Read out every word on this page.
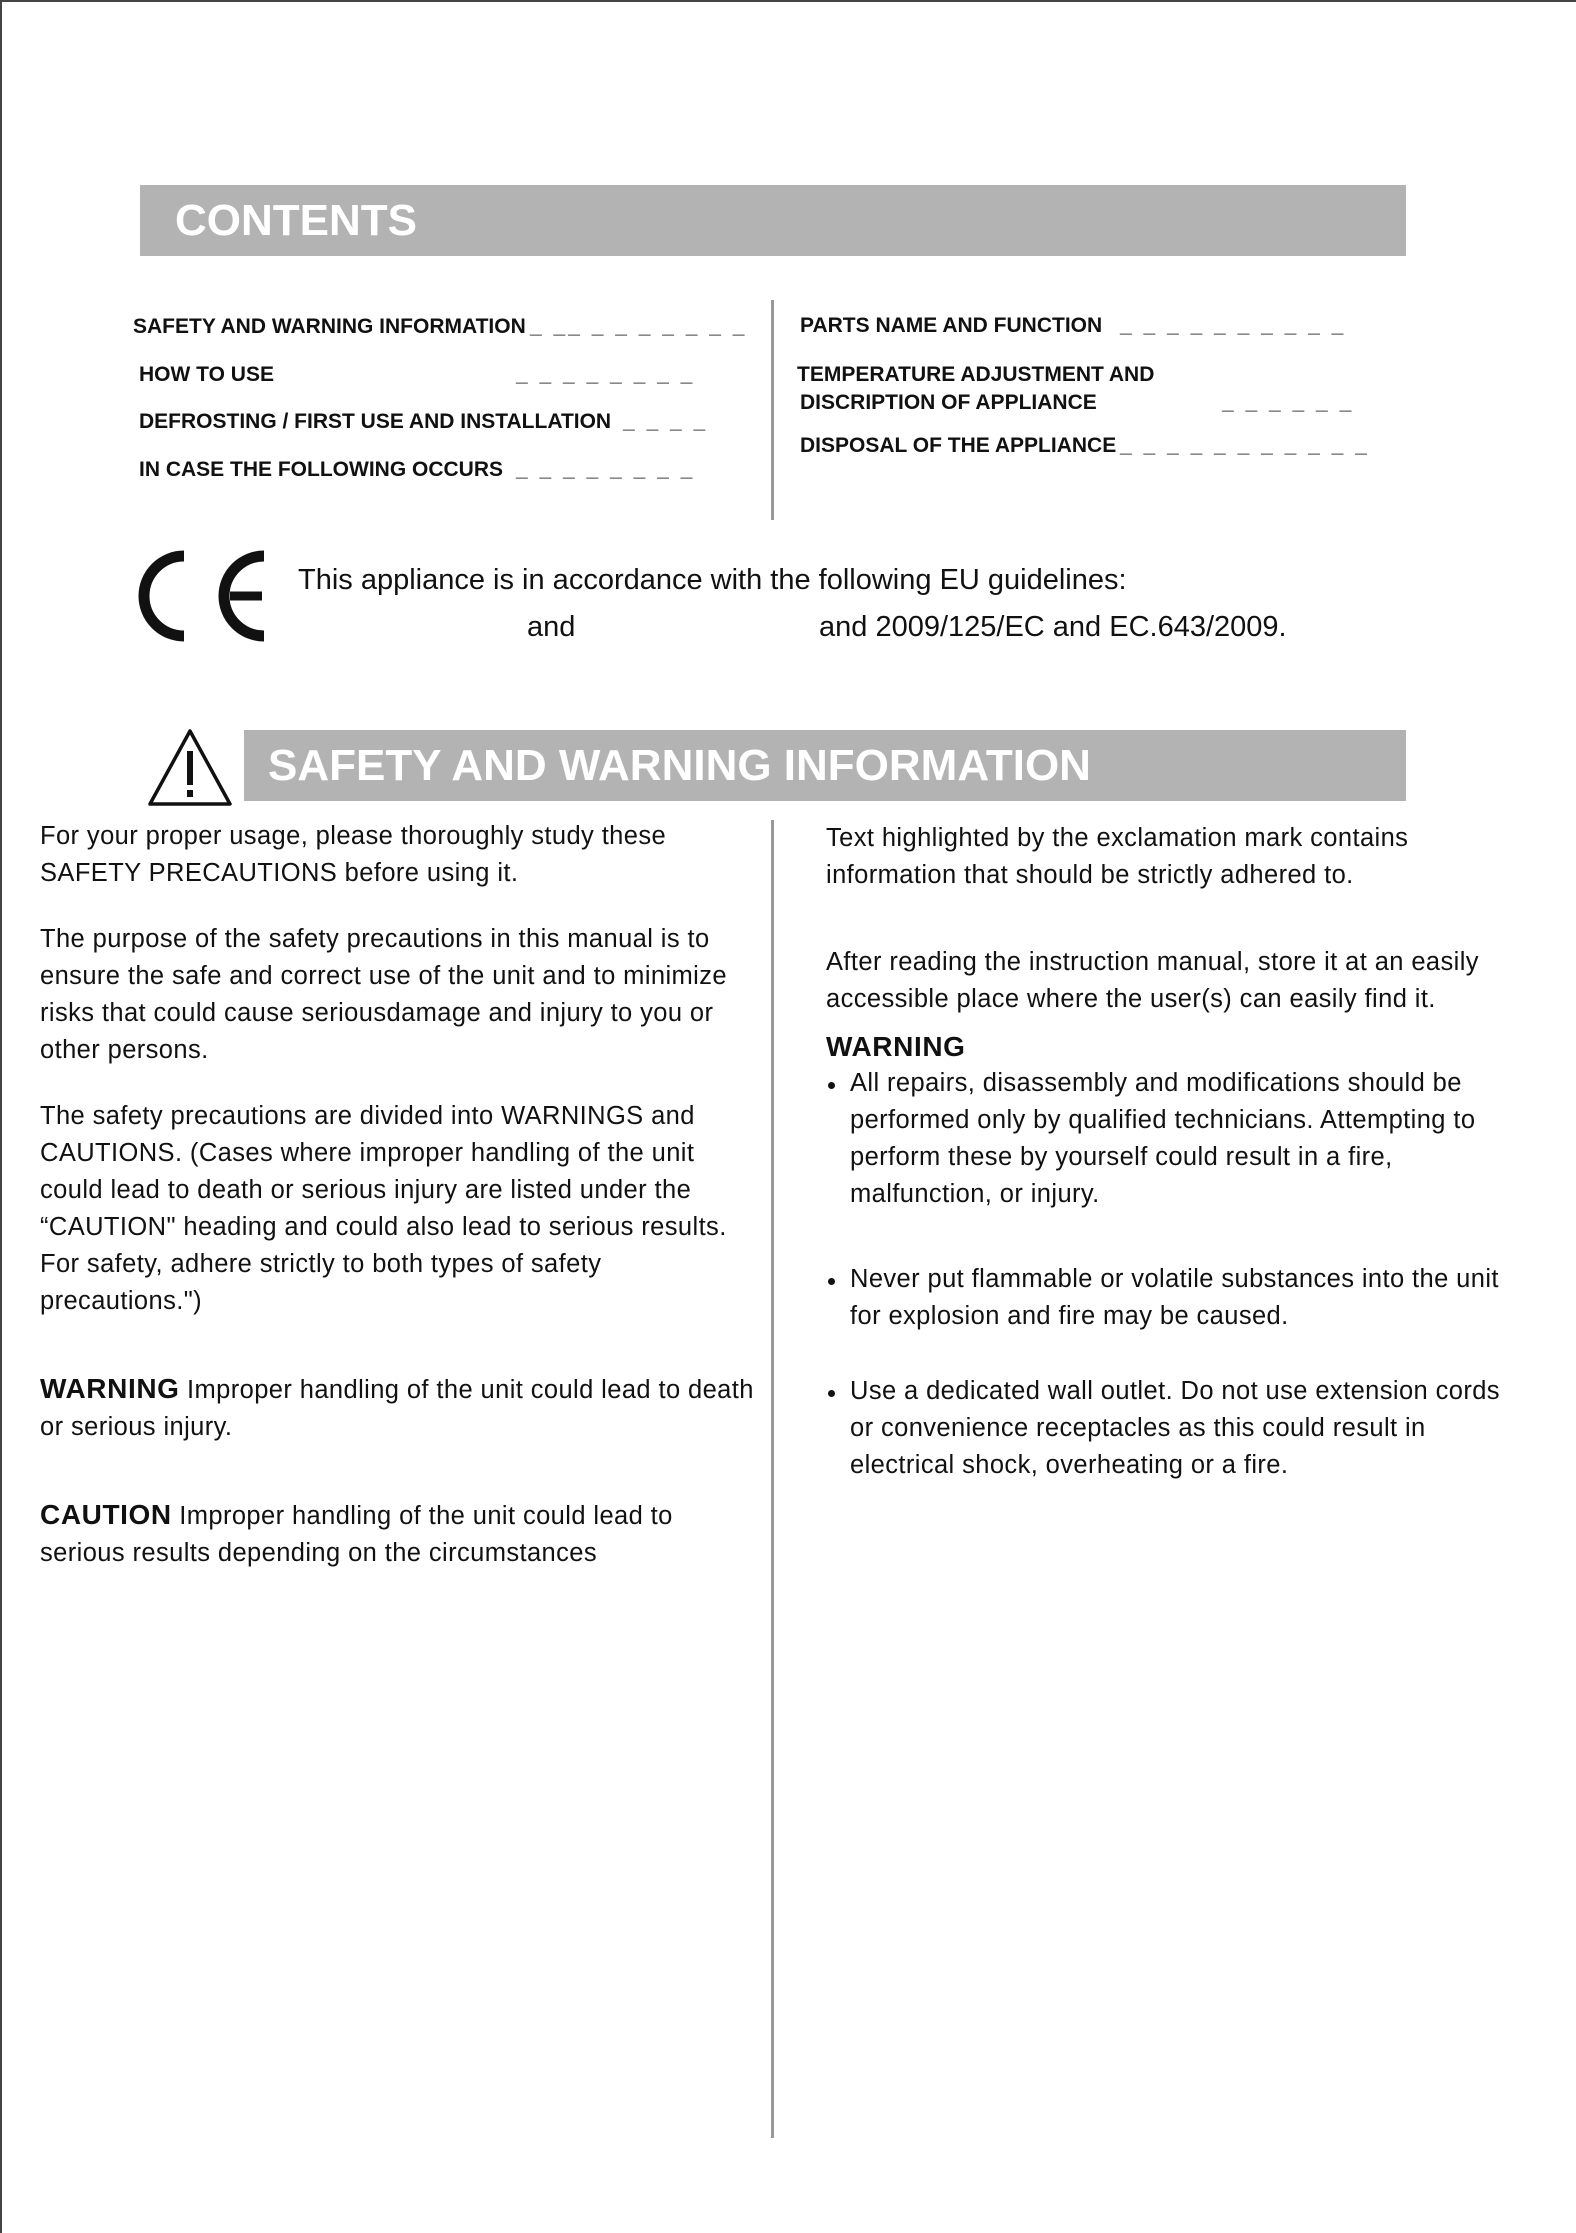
CONTENTS
SAFETY AND WARNING INFORMATION _ __ _ _ _ _ _ _ _
HOW TO USE	_ _ _ _ _ _ _ _
DEFROSTING / FIRST USE AND INSTALLATION _ _ _ _
IN CASE THE FOLLOWING OCCURS _ _ _ _ _ _ _ _
PARTS NAME AND FUNCTION _ _ _ _ _ _ _ _ _ _
TEMPERATURE ADJUSTMENT AND
DISCRIPTION OF APPLIANCE	_ _ _ _ _ _
DISPOSAL OF THE APPLIANCE _ _ _ _ _ _ _ _ _ _ _
This appliance is in accordance with the following EU guidelines:
and	and 2009/125/EC and EC.643/2009.
SAFETY AND WARNING INFORMATION

For your proper usage, please thoroughly study these

SAFETY PRECAUTIONS before using it.

The purpose of the safety precautions in this manual is to ensure the safe and correct use of the unit and to minimize risks that could cause seriousdamage and injury to you or other persons.

The safety precautions are divided into WARNINGS and CAUTIONS. (Cases where improper handling of the unit could lead to death or serious injury are listed under the “CAUTION" heading and could also lead to serious results. For safety, adhere strictly to both types of safety precautions.")

WARNING Improper handling of the unit could lead to death or serious injury.

CAUTION Improper handling of the unit could lead to serious results depending on the circumstances

Text highlighted by the exclamation mark contains information that should be strictly adhered to.

After reading the instruction manual, store it at an easily accessible place where the user(s) can easily find it.

WARNING

All repairs, disassembly and modifications should be performed only by qualified technicians. Attempting to perform these by yourself could result in a fire, malfunction, or injury.
Never put flammable or volatile substances into the unit for explosion and fire may be caused.
Use a dedicated wall outlet. Do not use extension cords or convenience receptacles as this could result in electrical shock, overheating or a fire.
